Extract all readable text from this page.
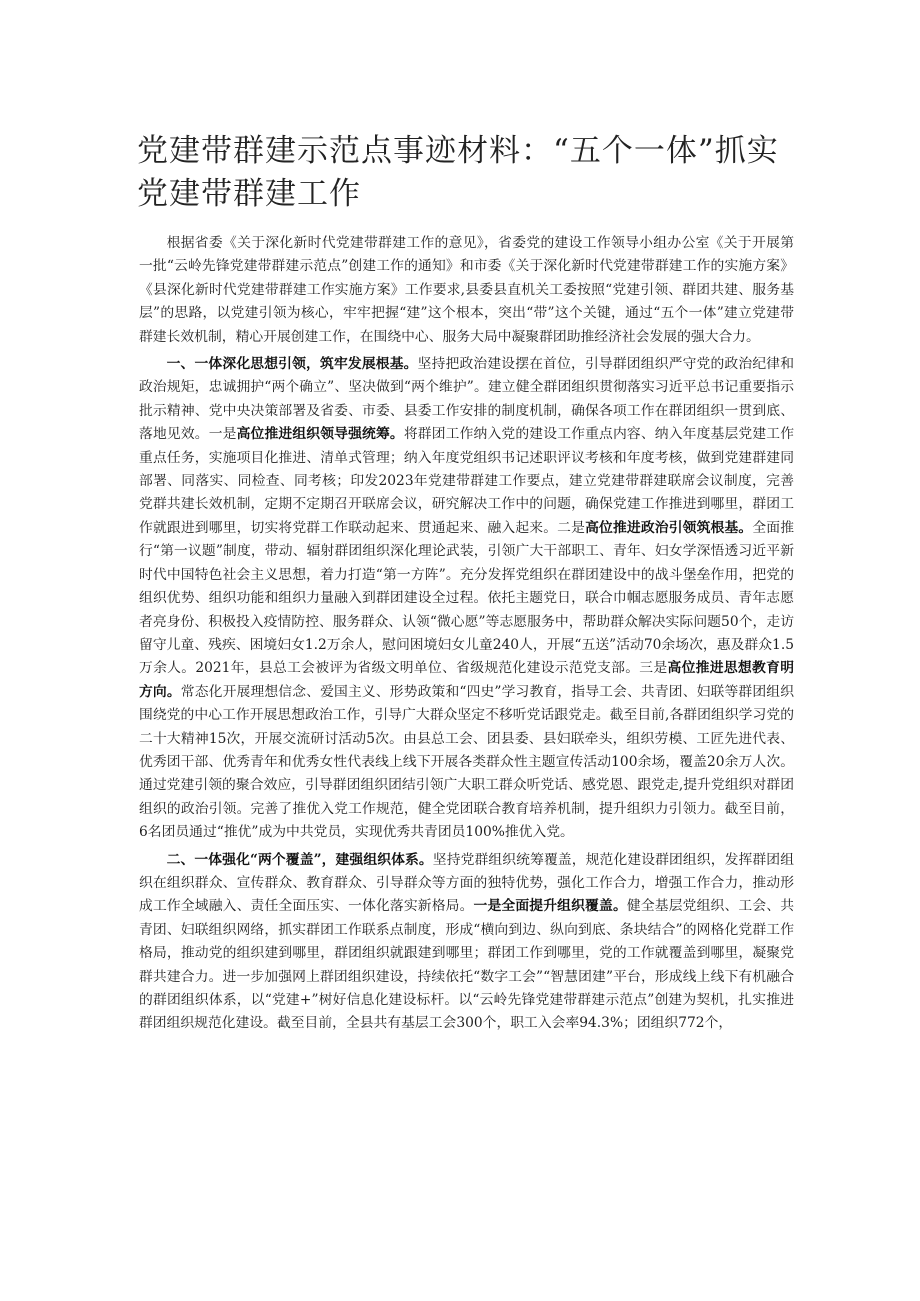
党建带群建示范点事迹材料：“五个一体”抓实党建带群建工作

根据省委《关于深化新时代党建带群建工作的意见》，省委党的建设工作领导小组办公室《关于开展第一批“云岭先锋党建带群建示范点”创建工作的通知》和市委《关于深化新时代党建带群建工作的实施方案》《县深化新时代党建带群建工作实施方案》工作要求,县委县直机关工委按照“党建引领、群团共建、服务基层”的思路，以党建引领为核心，牢牢把握“建”这个根本，突出“带”这个关键，通过“五个一体”建立党建带群建长效机制，精心开展创建工作，在围绕中心、服务大局中凝聚群团助推经济社会发展的强大合力。

一、一体深化思想引领，筑牢发展根基。坚持把政治建设摆在首位，引导群团组织严守党的政治纪律和政治规矩，忠诚拥护“两个确立”、坚决做到“两个维护”。建立健全群团组织贯彻落实习近平总书记重要指示批示精神、党中央决策部署及省委、市委、县委工作安排的制度机制，确保各项工作在群团组织一贯到底、落地见效。一是高位推进组织领导强统筹。将群团工作纳入党的建设工作重点内容、纳入年度基层党建工作重点任务，实施项目化推进、清单式管理；纳入年度党组织书记述职评议考核和年度考核，做到党建群建同部署、同落实、同检查、同考核；印发2023年党建带群建工作要点，建立党建带群建联席会议制度，完善党群共建长效机制，定期不定期召开联席会议，研究解决工作中的问题，确保党建工作推进到哪里，群团工作就跟进到哪里，切实将党群工作联动起来、贯通起来、融入起来。二是高位推进政治引领筑根基。全面推行“第一议题”制度，带动、辐射群团组织深化理论武装，引领广大干部职工、青年、妇女学深悟透习近平新时代中国特色社会主义思想，着力打造“第一方阵”。充分发挥党组织在群团建设中的战斗堡垒作用，把党的组织优势、组织功能和组织力量融入到群团建设全过程。依托主题党日，联合巾帼志愿服务成员、青年志愿者亮身份、积极投入疫情防控、服务群众、认领“微心愿”等志愿服务中，帮助群众解决实际问题50个，走访留守儿童、残疾、困境妇女1.2万余人，慰问困境妇女儿童240人，开展“五送”活动70余场次，惠及群众1.5万余人。2021年，县总工会被评为省级文明单位、省级规范化建设示范党支部。三是高位推进思想教育明方向。常态化开展理想信念、爱国主义、形势政策和“四史”学习教育，指导工会、共青团、妇联等群团组织围绕党的中心工作开展思想政治工作，引导广大群众坚定不移听党话跟党走。截至目前,各群团组织学习党的二十大精神15次，开展交流研讨活动5次。由县总工会、团县委、县妇联牵头，组织劳模、工匠先进代表、优秀团干部、优秀青年和优秀女性代表线上线下开展各类群众性主题宣传活动100余场，覆盖20余万人次。通过党建引领的聚合效应，引导群团组织团结引领广大职工群众听党话、感党恩、跟党走,提升党组织对群团组织的政治引领。完善了推优入党工作规范，健全党团联合教育培养机制，提升组织力引领力。截至目前，6名团员通过“推优”成为中共党员，实现优秀共青团员100%推优入党。

二、一体强化“两个覆盖”，建强组织体系。坚持党群组织统筹覆盖，规范化建设群团组织，发挥群团组织在组织群众、宣传群众、教育群众、引导群众等方面的独特优势，强化工作合力，增强工作合力，推动形成工作全域融入、责任全面压实、一体化落实新格局。一是全面提升组织覆盖。健全基层党组织、工会、共青团、妇联组织网络，抓实群团工作联系点制度，形成“横向到边、纵向到底、条块结合”的网格化党群工作格局，推动党的组织建到哪里，群团组织就跟建到哪里；群团工作到哪里，党的工作就覆盖到哪里，凝聚党群共建合力。进一步加强网上群团组织建设，持续依托“数字工会”“智慧团建”平台，形成线上线下有机融合的群团组织体系，以“党建+”树好信息化建设标杆。以“云岭先锋党建带群建示范点”创建为契机，扎实推进群团组织规范化建设。截至目前，全县共有基层工会300个，职工入会率94.3%；团组织772个，
